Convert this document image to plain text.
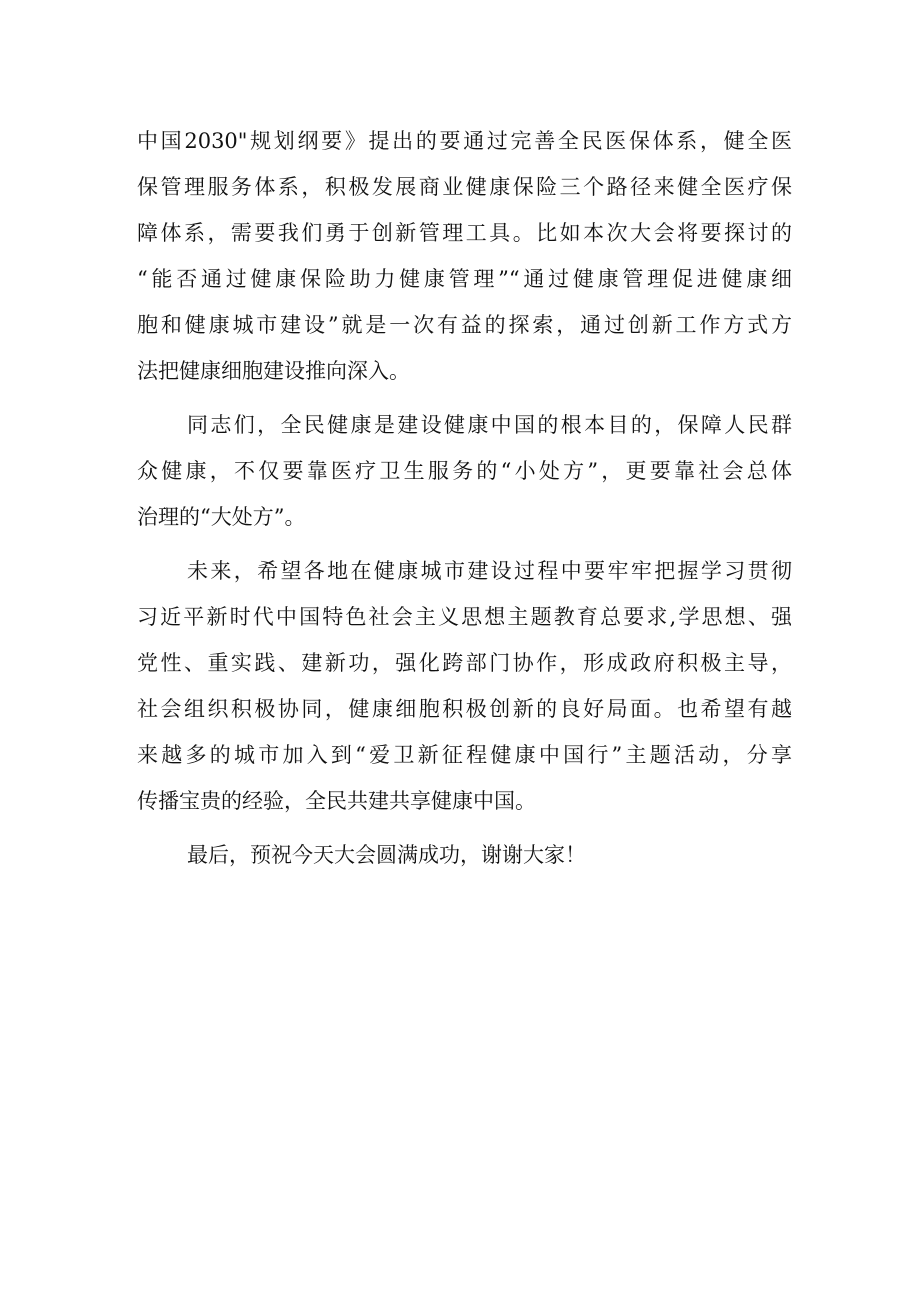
中国2030"规划纲要》提出的要通过完善全民医保体系，健全医
保管理服务体系，积极发展商业健康保险三个路径来健全医疗保
障体系，需要我们勇于创新管理工具。比如本次大会将要探讨的
“能否通过健康保险助力健康管理”“通过健康管理促进健康细
胞和健康城市建设”就是一次有益的探索，通过创新工作方式方
法把健康细胞建设推向深入。
同志们，全民健康是建设健康中国的根本目的，保障人民群
众健康，不仅要靠医疗卫生服务的“小处方”，更要靠社会总体
治理的“大处方”。
未来，希望各地在健康城市建设过程中要牢牢把握学习贯彻
习近平新时代中国特色社会主义思想主题教育总要求,学思想、强
党性、重实践、建新功，强化跨部门协作，形成政府积极主导，
社会组织积极协同，健康细胞积极创新的良好局面。也希望有越
来越多的城市加入到“爱卫新征程健康中国行”主题活动，分享
传播宝贵的经验，全民共建共享健康中国。
最后，预祝今天大会圆满成功，谢谢大家！
